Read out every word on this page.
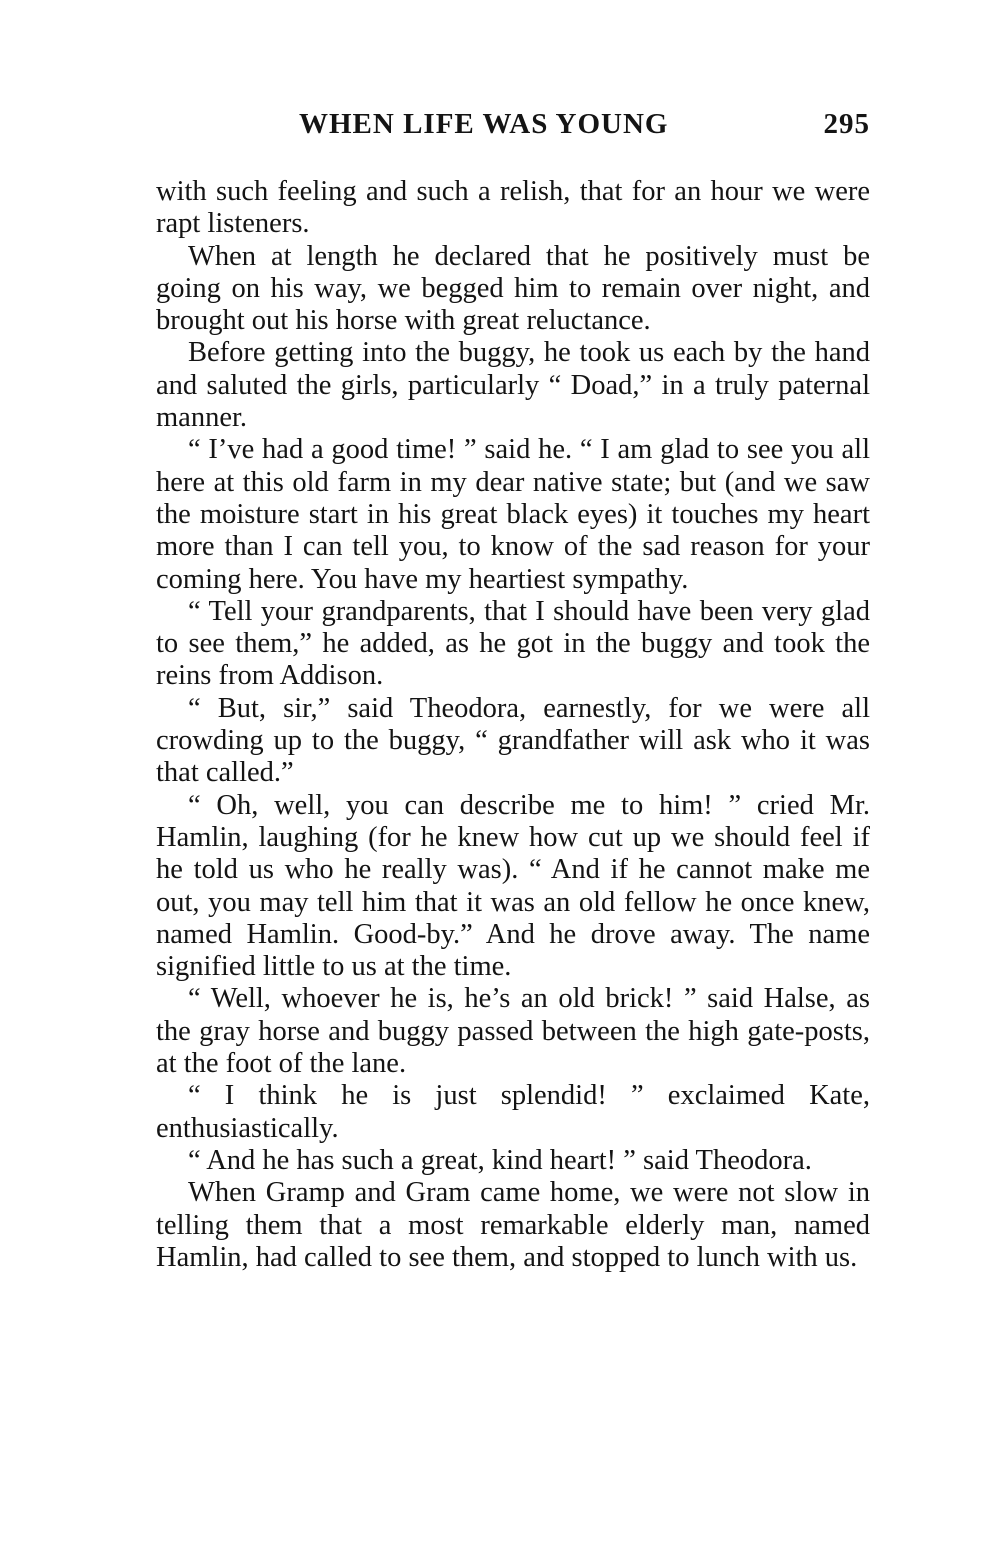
WHEN LIFE WAS YOUNG	295

with such feeling and such a relish, that for an hour we were rapt listeners.

When at length he declared that he positively must be going on his way, we begged him to remain over night, and brought out his horse with great reluctance.

Before getting into the buggy, he took us each by the hand and saluted the girls, particularly “ Doad,” in a truly paternal manner.

“ I’ve had a good time! ” said he. “ I am glad to see you all here at this old farm in my dear native state; but (and we saw the moisture start in his great black eyes) it touches my heart more than I can tell you, to know of the sad reason for your coming here. You have my heartiest sympathy.

“ Tell your grandparents, that I should have been very glad to see them,” he added, as he got in the buggy and took the reins from Addison.

“ But, sir,” said Theodora, earnestly, for we were all crowding up to the buggy, “ grandfather will ask who it was that called.”

“ Oh, well, you can describe me to him! ” cried Mr. Hamlin, laughing (for he knew how cut up we should feel if he told us who he really was). “ And if he cannot make me out, you may tell him that it was an old fellow he once knew, named Hamlin. Good-by.” And he drove away. The name signified little to us at the time.

“ Well, whoever he is, he’s an old brick! ” said Halse, as the gray horse and buggy passed between the high gate-posts, at the foot of the lane.

“ I think he is just splendid! ” exclaimed Kate, enthusiastically.

“ And he has such a great, kind heart! ” said Theodora.

When Gramp and Gram came home, we were not slow in telling them that a most remarkable elderly man, named Hamlin, had called to see them, and stopped to lunch with us.
